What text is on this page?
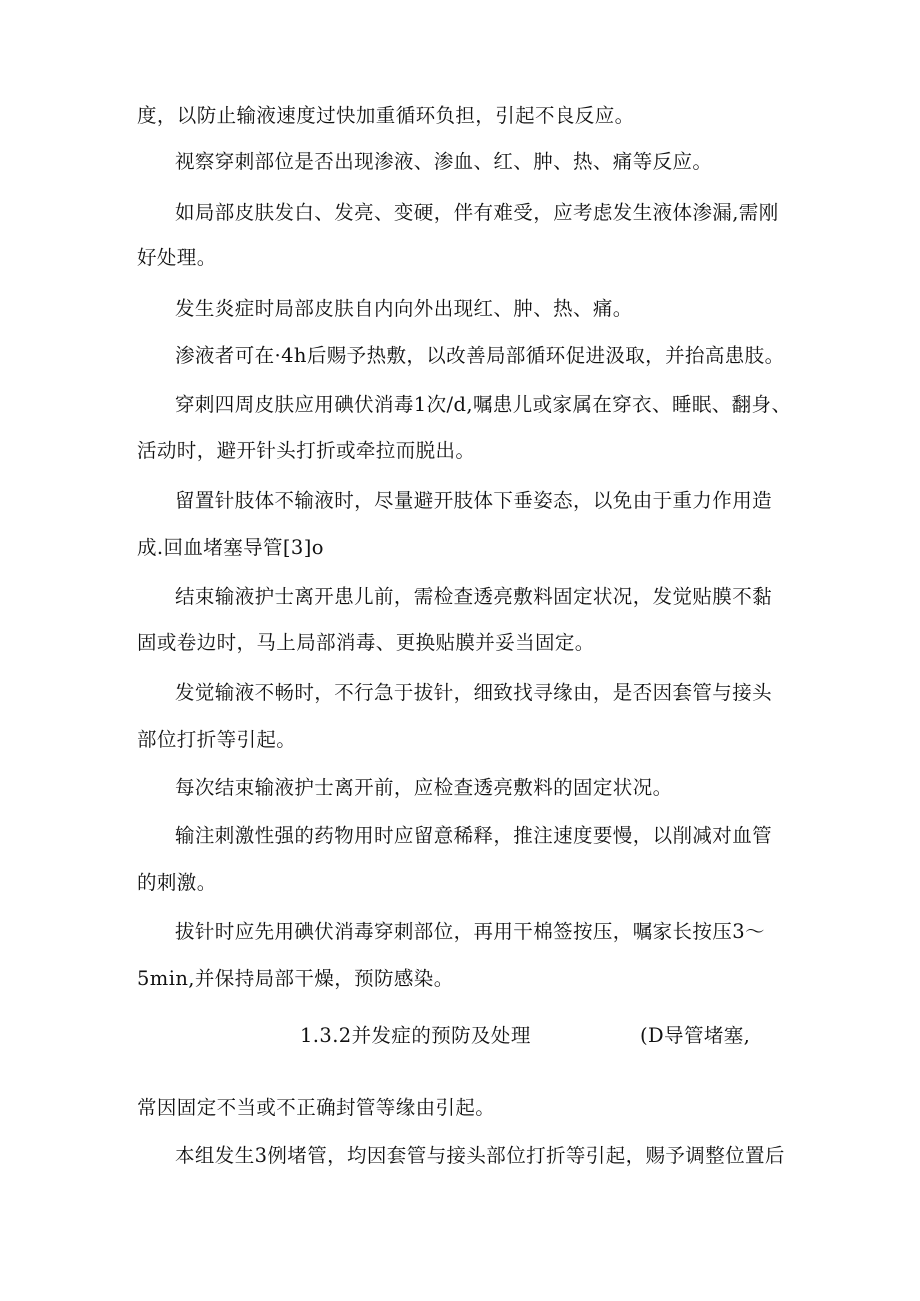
度，以防止输液速度过快加重循环负担，引起不良反应。
视察穿刺部位是否出现渗液、渗血、红、肿、热、痛等反应。
如局部皮肤发白、发亮、变硬，伴有难受，应考虑发生液体渗漏,需刚
好处理。
发生炎症时局部皮肤自内向外出现红、肿、热、痛。
渗液者可在·4h后赐予热敷，以改善局部循环促进汲取，并抬高患肢。
穿刺四周皮肤应用碘伏消毒1次/d,嘱患儿或家属在穿衣、睡眠、翻身、
活动时，避开针头打折或牵拉而脱出。
留置针肢体不输液时，尽量避开肢体下垂姿态，以免由于重力作用造
成.回血堵塞导管[3]o
结束输液护士离开患儿前，需检查透亮敷料固定状况，发觉贴膜不黏
固或卷边时，马上局部消毒、更换贴膜并妥当固定。
发觉输液不畅时，不行急于拔针，细致找寻缘由，是否因套管与接头
部位打折等引起。
每次结束输液护士离开前，应检查透亮敷料的固定状况。
输注刺激性强的药物用时应留意稀释，推注速度要慢，以削减对血管
的刺激。
拔针时应先用碘伏消毒穿刺部位，再用干棉签按压，嘱家长按压3～
5min,并保持局部干燥，预防感染。
1.3.2并发症的预防及处理	(D导管堵塞,
常因固定不当或不正确封管等缘由引起。
本组发生3例堵管，均因套管与接头部位打折等引起，赐予调整位置后
